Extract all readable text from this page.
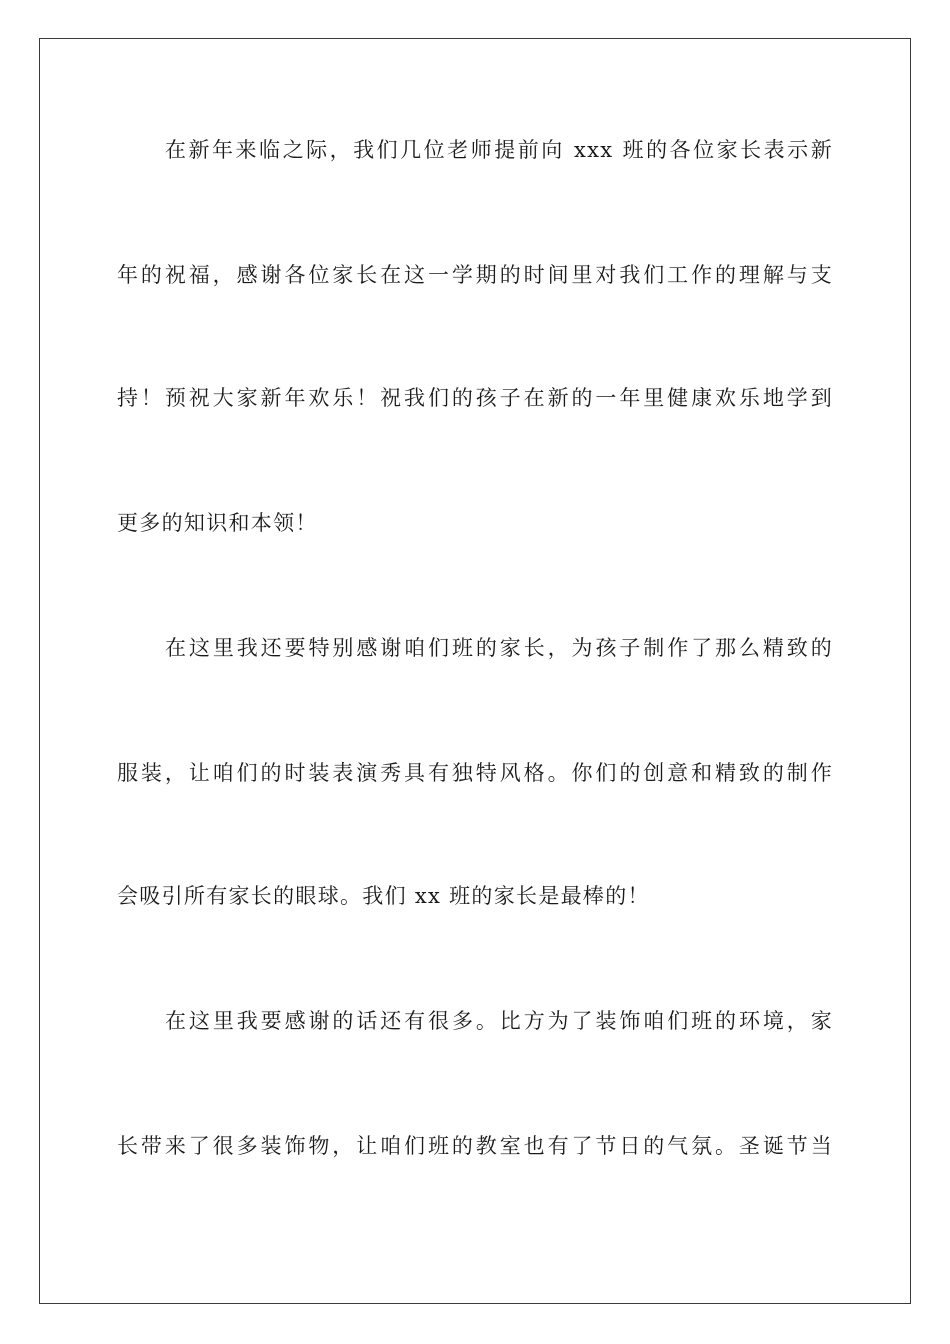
在新年来临之际，我们几位老师提前向 xxx 班的各位家长表示新
年的祝福，感谢各位家长在这一学期的时间里对我们工作的理解与支
持！预祝大家新年欢乐！祝我们的孩子在新的一年里健康欢乐地学到
更多的知识和本领！
在这里我还要特别感谢咱们班的家长，为孩子制作了那么精致的
服装，让咱们的时装表演秀具有独特风格。你们的创意和精致的制作
会吸引所有家长的眼球。我们 xx 班的家长是最棒的！
在这里我要感谢的话还有很多。比方为了装饰咱们班的环境，家
长带来了很多装饰物，让咱们班的教室也有了节日的气氛。圣诞节当
